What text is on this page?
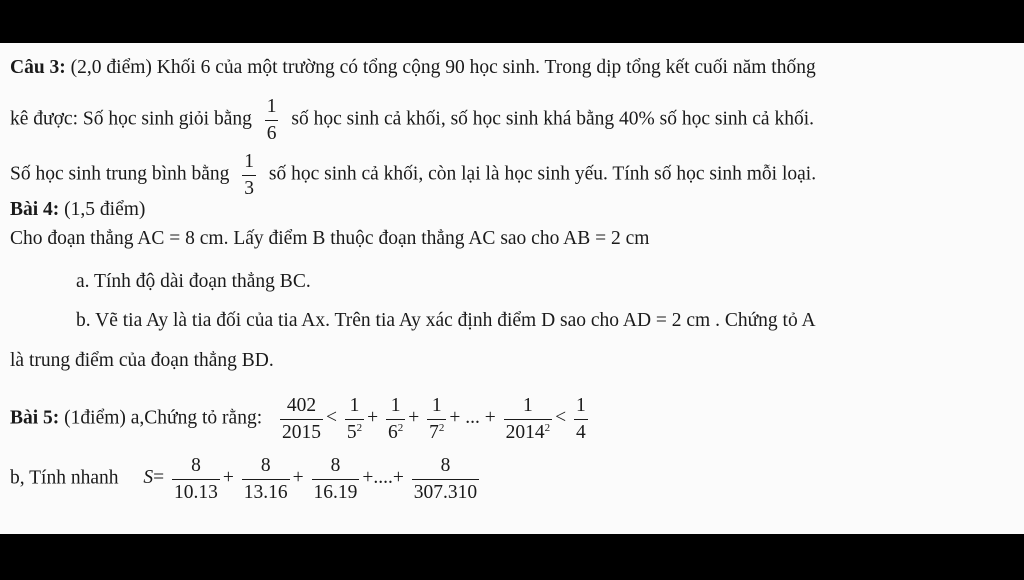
Câu 3: (2,0 điểm) Khối 6 của một trường có tổng cộng 90 học sinh. Trong dịp tổng kết cuối năm thống
kê được: Số học sinh giỏi bằng $\frac{1}{6}$ số học sinh cả khối, số học sinh khá bằng 40% số học sinh cả khối.
Số học sinh trung bình bằng $\frac{1}{3}$ số học sinh cả khối, còn lại là học sinh yếu. Tính số học sinh mỗi loại.
Bài 4: (1,5 điểm)
Cho đoạn thẳng AC = 8 cm. Lấy điểm B thuộc đoạn thẳng AC sao cho AB = 2 cm
a. Tính độ dài đoạn thẳng BC.
b. Vẽ tia Ay là tia đối của tia Ax. Trên tia Ay xác định điểm D sao cho AD = 2 cm . Chứng tỏ A
là trung điểm của đoạn thẳng BD.
Bài 5: (1điểm) a,Chứng tỏ rằng: $\frac{402}{2015} < \frac{1}{5^2} + \frac{1}{6^2} + \frac{1}{7^2}$ + ... + $\frac{1}{2014^2} < \frac{1}{4}$
b, Tính nhanh $S= \frac{8}{10.13} + \frac{8}{13.16} + \frac{8}{16.19}$ +....+ $\frac{8}{307.310}$
